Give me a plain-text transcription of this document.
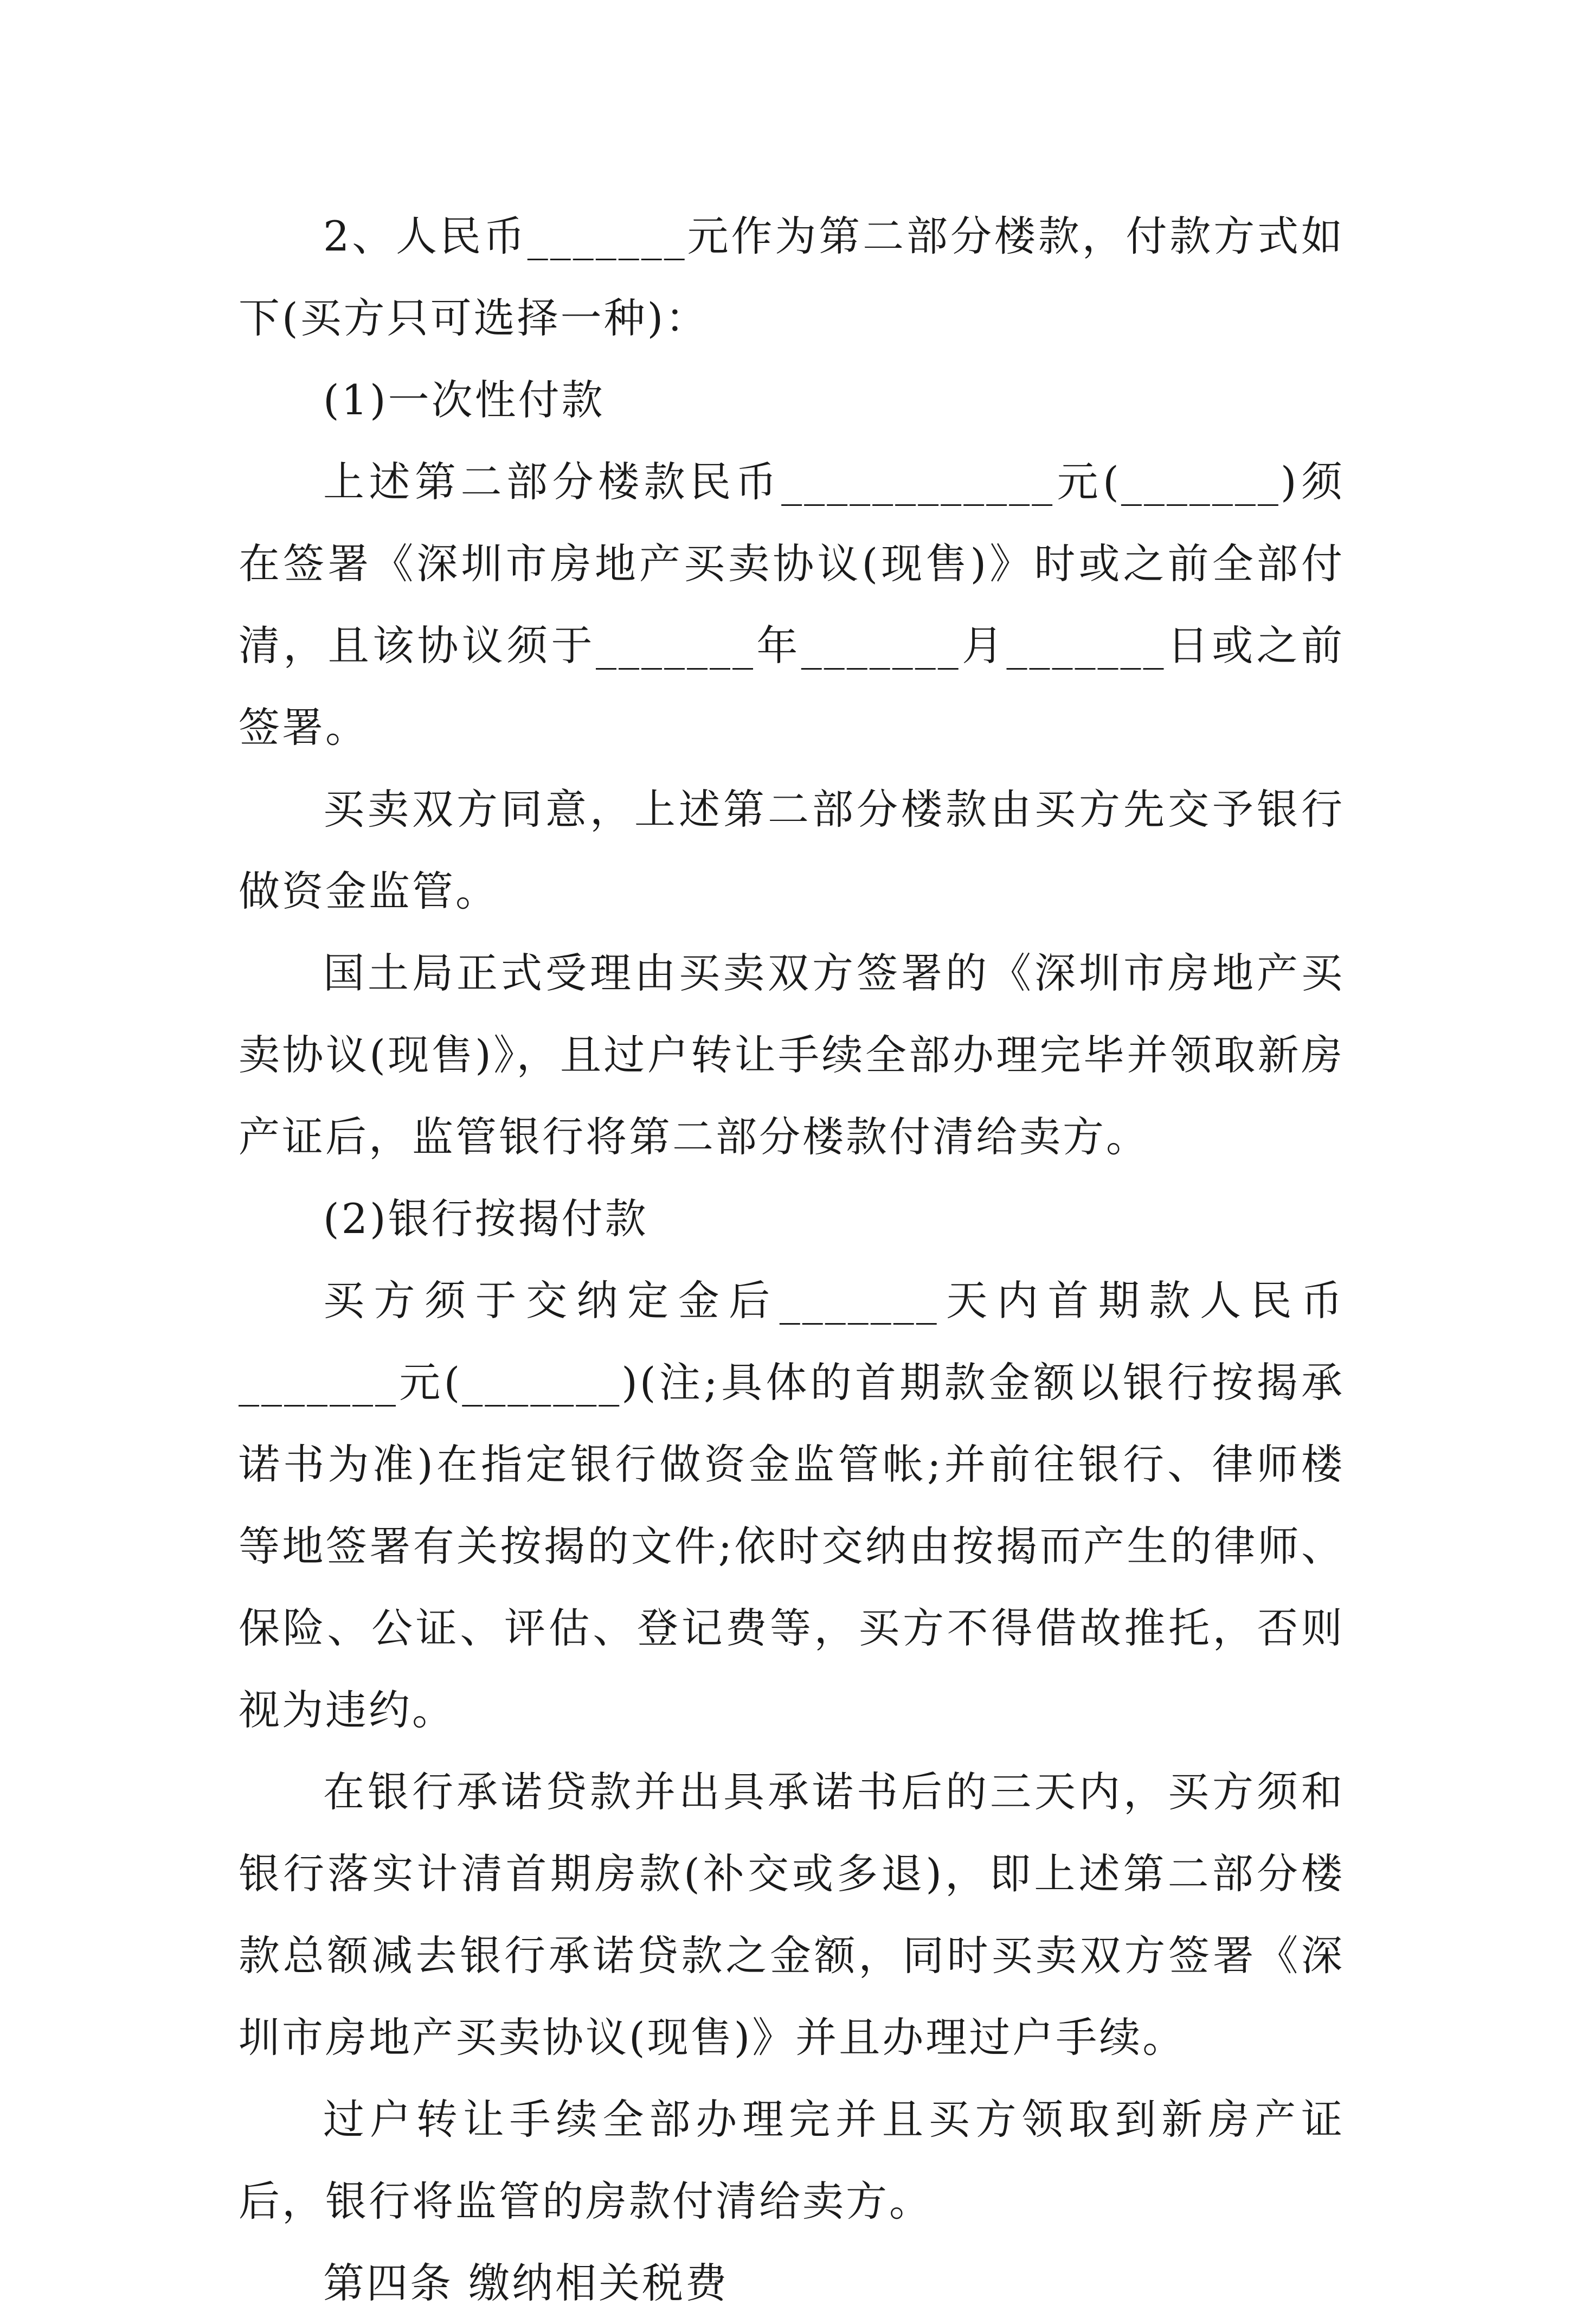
2、人民币_______元作为第二部分楼款，付款方式如下(买方只可选择一种)：

(1)一次性付款

上述第二部分楼款民币____________元(_______)须在签署《深圳市房地产买卖协议(现售)》时或之前全部付清，且该协议须于_______年_______月_______日或之前签署。

买卖双方同意，上述第二部分楼款由买方先交予银行做资金监管。

国土局正式受理由买卖双方签署的《深圳市房地产买卖协议(现售)》，且过户转让手续全部办理完毕并领取新房产证后，监管银行将第二部分楼款付清给卖方。

(2)银行按揭付款

买方须于交纳定金后_______天内首期款人民币_______元(_______)(注;具体的首期款金额以银行按揭承诺书为准)在指定银行做资金监管帐;并前往银行、律师楼等地签署有关按揭的文件;依时交纳由按揭而产生的律师、保险、公证、评估、登记费等，买方不得借故推托，否则视为违约。

在银行承诺贷款并出具承诺书后的三天内，买方须和银行落实计清首期房款(补交或多退)，即上述第二部分楼款总额减去银行承诺贷款之金额，同时买卖双方签署《深圳市房地产买卖协议(现售)》并且办理过户手续。

过户转让手续全部办理完并且买方领取到新房产证后，银行将监管的房款付清给卖方。

第四条 缴纳相关税费
